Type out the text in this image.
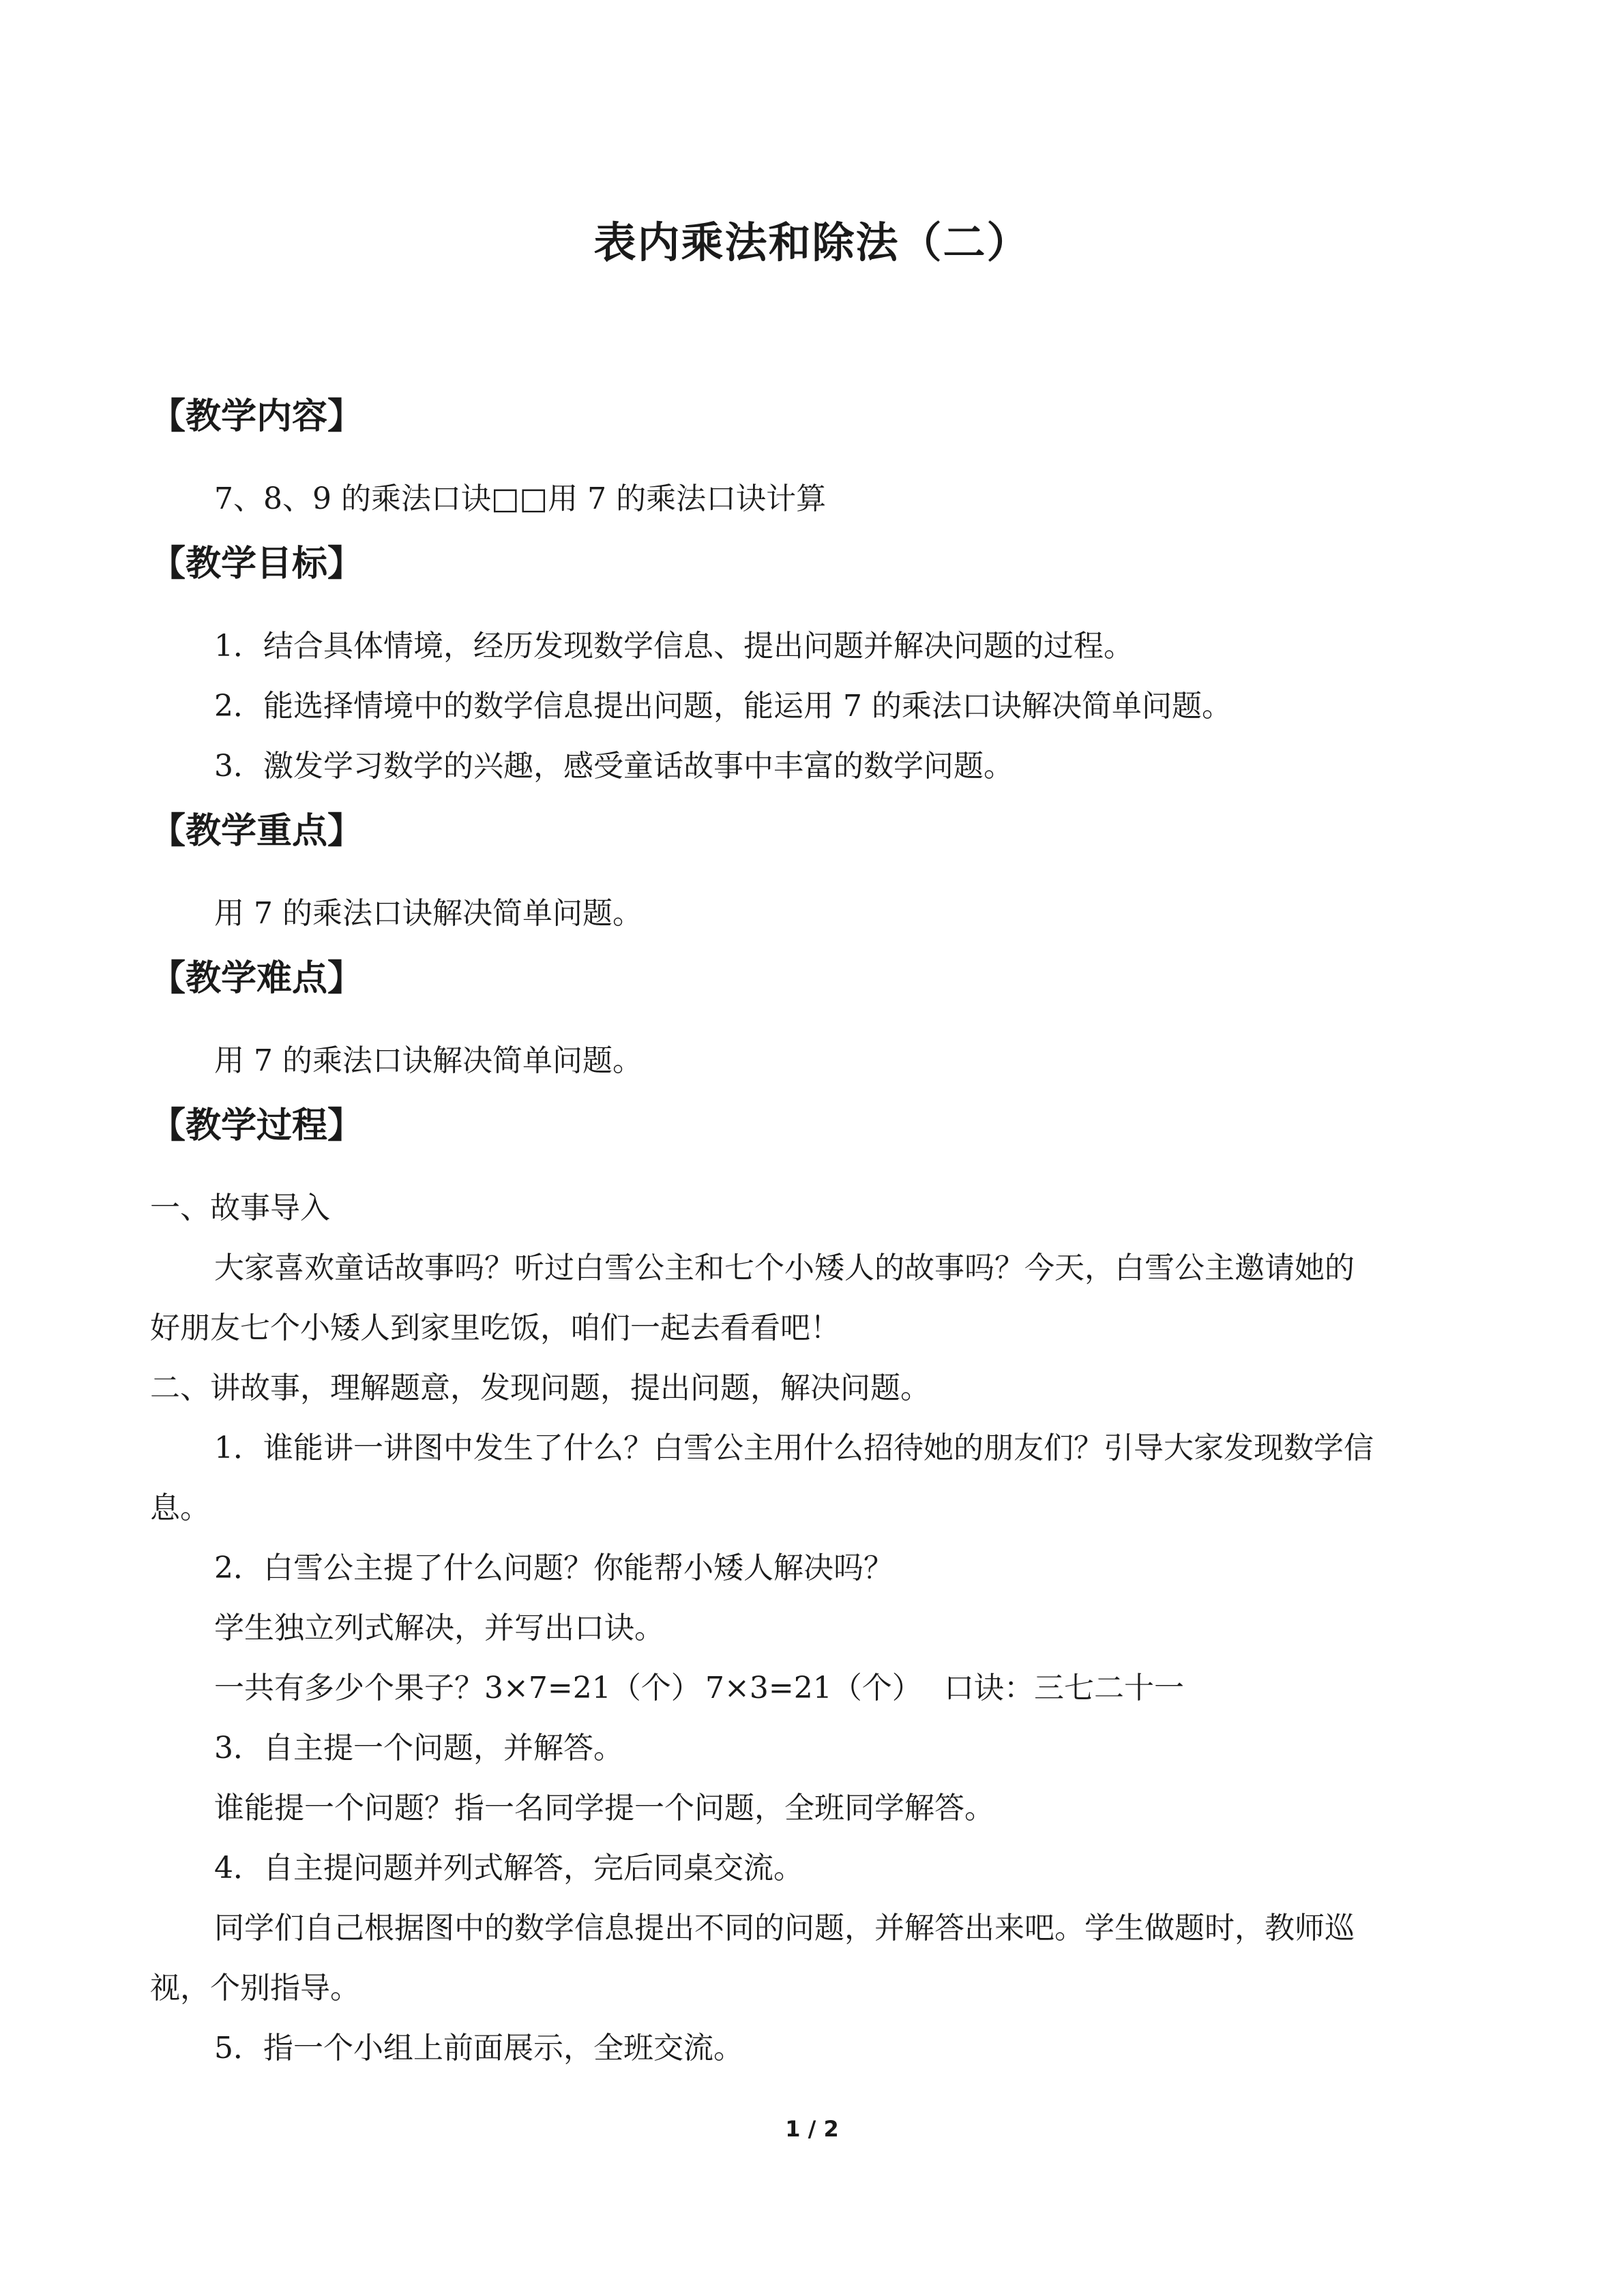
表内乘法和除法（二）
【教学内容】
7、8、9 的乘法口诀□□用 7 的乘法口诀计算
【教学目标】
1．结合具体情境，经历发现数学信息、提出问题并解决问题的过程。
2．能选择情境中的数学信息提出问题，能运用 7 的乘法口诀解决简单问题。
3．激发学习数学的兴趣，感受童话故事中丰富的数学问题。
【教学重点】
用 7 的乘法口诀解决简单问题。
【教学难点】
用 7 的乘法口诀解决简单问题。
【教学过程】
一、故事导入
大家喜欢童话故事吗？听过白雪公主和七个小矮人的故事吗？今天，白雪公主邀请她的
好朋友七个小矮人到家里吃饭，咱们一起去看看吧！
二、讲故事，理解题意，发现问题，提出问题，解决问题。
1．谁能讲一讲图中发生了什么？白雪公主用什么招待她的朋友们？引导大家发现数学信
息。
2．白雪公主提了什么问题？你能帮小矮人解决吗？
学生独立列式解决，并写出口诀。
一共有多少个果子？3×7=21（个） 7×3=21（个） 口诀：三七二十一
3．自主提一个问题，并解答。
谁能提一个问题？指一名同学提一个问题，全班同学解答。
4．自主提问题并列式解答，完后同桌交流。
同学们自己根据图中的数学信息提出不同的问题，并解答出来吧。学生做题时，教师巡
视，个别指导。
5．指一个小组上前面展示，全班交流。
1 / 2
